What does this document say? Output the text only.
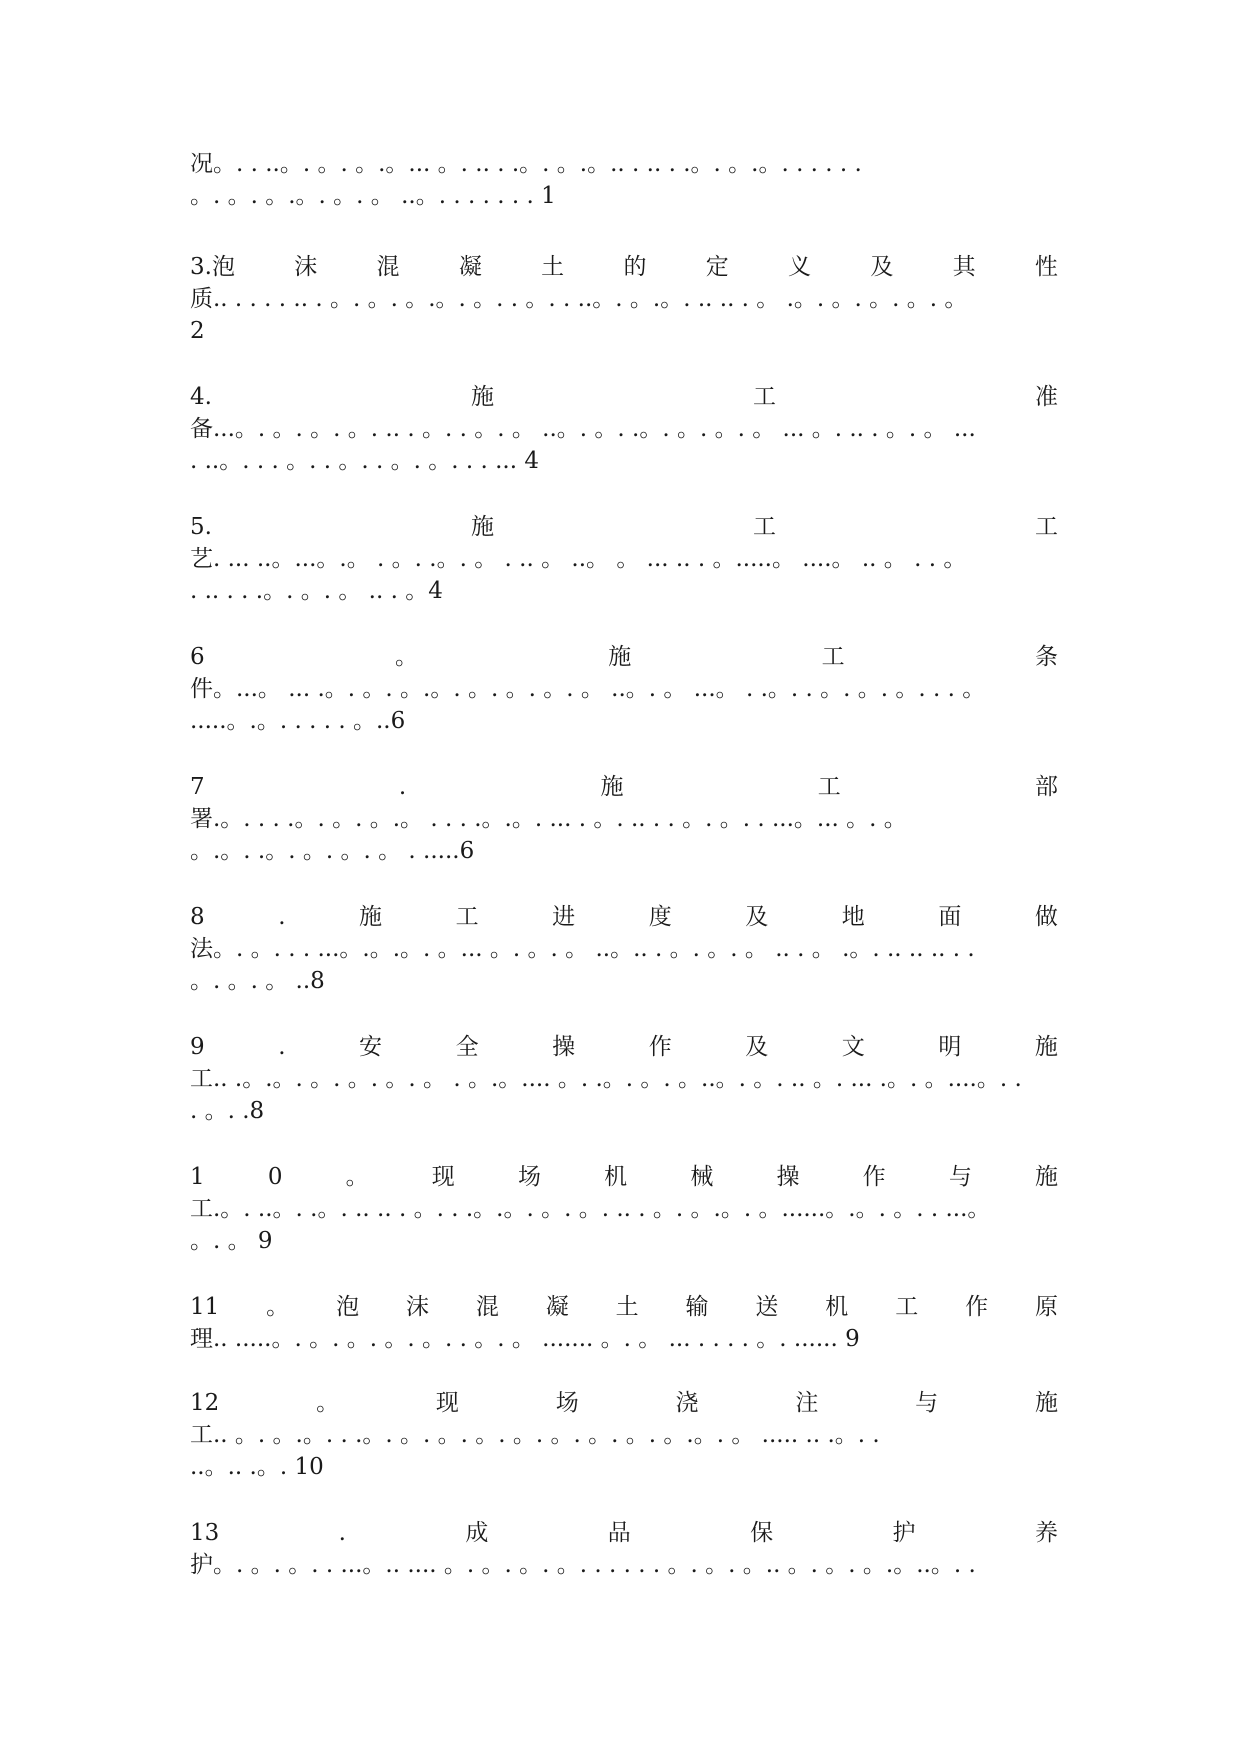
况。. . ..。. 。. 。.。... 。. .. . .。. 。.。.. . .. . .。. 。.。. . . . . .
。. 。. 。.。. 。. 。 ..。. . . . . . . 1
3.泡	沫	混	凝	土	的	定	义	及	其	性
质.. . . . . .. . 。. 。. 。.。. 。. . 。. . ..。. 。.。. .. .. . 。 .。. 。. 。. 。. 。
2
4.	施	工	准
备...。. 。. 。. 。. .. . 。. . 。. 。 ..。. 。. .。. 。. 。. 。 ... 。. .. . 。. 。 ...
. ..。. . . 。. . 。. . 。. 。. . . ... 4
5.	施	工	工
艺. ... ..。...。.。 . 。. .。. 。 . .. 。 ..。 。 ... .. . 。.....。 ....。 .. 。 . . 。
. .. . . .。. 。. 。 .. . 。4
6	。	施	工	条
件。...。 ... .。. 。. 。.。. 。. 。. 。. 。 ..。. 。 ...。 . .。. . 。. 。. 。. . . 。
.....。.。. . . . . 。..6
7	.	施	工	部
署.。. . . .。. 。. 。.。 . . . .。.。. ... . 。. .. . . 。. 。. . ...。... 。. 。
。.。. .。. 。. 。. 。 . .....6
8	.	施	工	进	度	及	地	面	做
法。. 。. . . ...。.。.。. 。... 。. 。. 。 ..。.. . 。. 。. 。 .. . 。 .。. .. .. .. . .
。. 。. 。 ..8
9	.	安	全	操	作	及	文	明	施
工.. .。.。. 。. 。. 。. 。 . 。.。.... 。. .。. 。. 。..。. 。. .. 。. ... .。. 。....。. .
. 。. .8
1	0	。	现	场	机	械	操	作	与	施
工.。. ..。. .。. .. .. . 。. . .。.。. 。. 。. .. . 。. 。.。. 。......。.。. 。. . ...。
。. 。 9
11 。 泡 沫 混 凝 土 输 送 机 工 作 原
理.. .....。. 。. 。. 。. 。. . 。. 。 ....... 。. 。 ... . . . . 。. ...... 9
12	。	现	场	浇	注	与	施
工.. 。. 。.。. . .。. 。. 。. 。. 。. 。. 。. 。. 。.。. 。 ..... .. .。. .
..。.. .。. 10
13	.	成	品	保	护	养
护。. 。. 。. . ...。.. .... 。. 。. 。. 。. . . . . . 。. 。. 。.. 。. 。. 。.。..。. .
